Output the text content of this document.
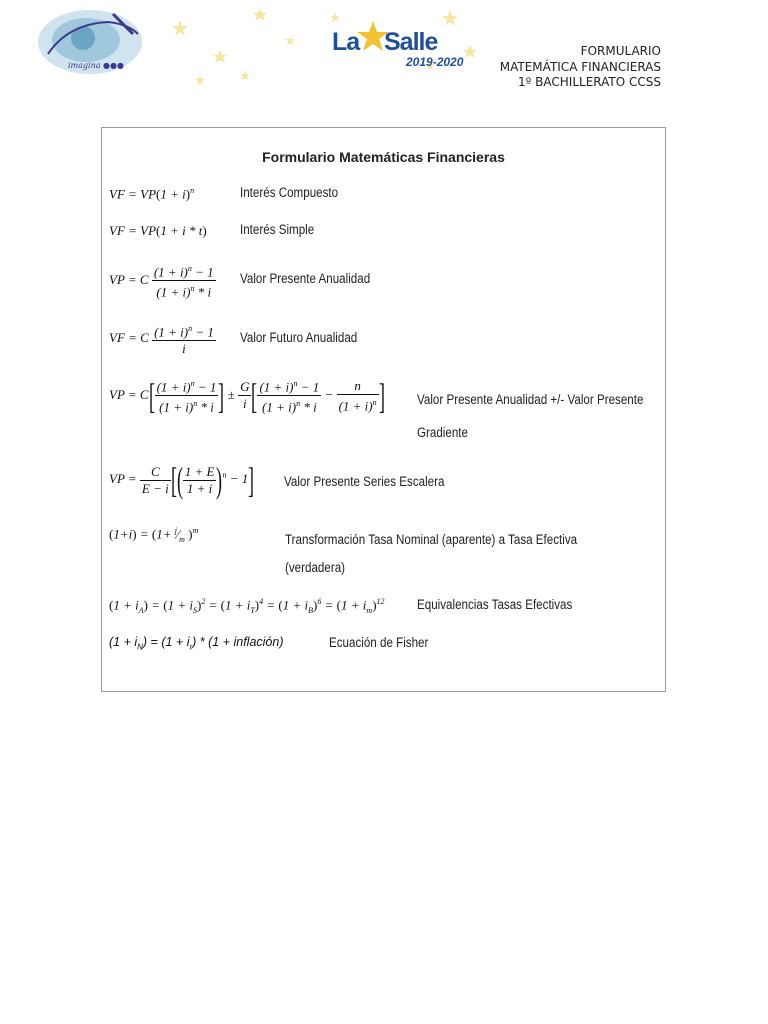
imagina ●●●
La Salle
2019-2020
FORMULARIO
MATEMÁTICA FINANCIERAS
1º BACHILLERATO CCSS
Formulario Matemáticas Financieras
VF = $VP(1 + i)^n$	Interés Compuesto
VF = VP(1 + i * t) Interés Simple
VP = C $\frac{(1 + i)^n - 1}{(1 + i)^n * i}$ Valor Presente Anualidad
VF = C $\frac{(1 + i)^n - 1}{i}$ Valor Futuro Anualidad
VP = $C[ \frac{(1 + i)^n - 1}{(1 + i)^n * i}$ ] ± $\frac{G}{i}$ [ $\frac{(1 + i)^n - 1}{(1 + i)^n * i} - \frac{n}{(1 + i)^n}$ ] Valor Presente Anualidad +/- Valor Presente
Gradiente
VP = $\frac{C}{E - i}$ [( $\frac{1 + E}{1 + i} )^n - 1$] Valor Presente Series Escalera
$(1+i) = (1+ ^j⁄_m$ )$^m$
Transformación Tasa Nominal (aparente) a Tasa Efectiva
(verdadera)
$(1 + i_A) = (1 + i_S)^2 = (1 + i_T)^4 = (1 + i_B)^6 = (1 + i_m)^{12}$ Equivalencias Tasas Efectivas
$(1 + i_N) = (1 + i_r) * (1$ + inflación)	Ecuación de Fisher
